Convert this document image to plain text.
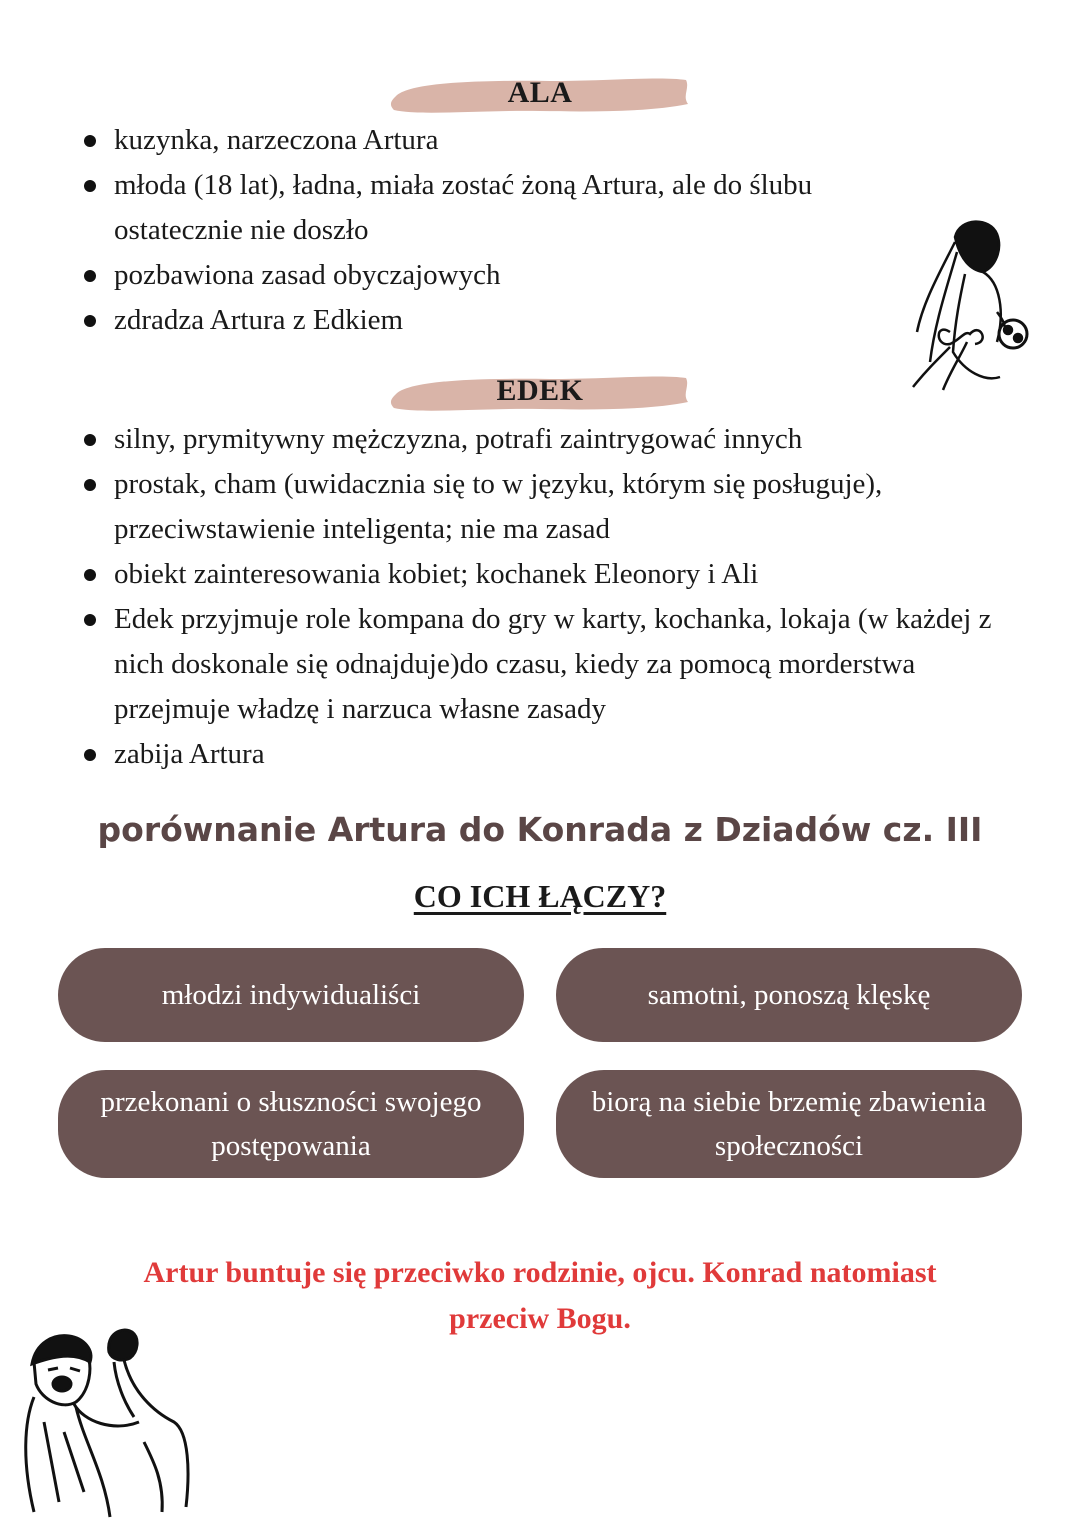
ALA
kuzynka, narzeczona Artura
młoda (18 lat), ładna, miała zostać żoną Artura, ale do ślubu ostatecznie nie doszło
pozbawiona zasad obyczajowych
zdradza Artura z Edkiem
EDEK
silny, prymitywny mężczyzna, potrafi zaintrygować innych
prostak, cham (uwidacznia się to w języku, którym się posługuje), przeciwstawienie inteligenta; nie ma zasad
obiekt zainteresowania kobiet; kochanek Eleonory i Ali
Edek przyjmuje role kompana do gry w karty, kochanka, lokaja (w każdej z nich doskonale się odnajduje)do czasu, kiedy za pomocą morderstwa przejmuje władzę i narzuca własne zasady
zabija Artura
porównanie Artura do Konrada z Dziadów cz. III
CO ICH ŁĄCZY?
młodzi indywidualiści	samotni, ponoszą klęskę
przekonani o słuszności swojego postępowania
biorą na siebie brzemię zbawienia społeczności
Artur buntuje się przeciwko rodzinie, ojcu. Konrad natomiast przeciw Bogu.
